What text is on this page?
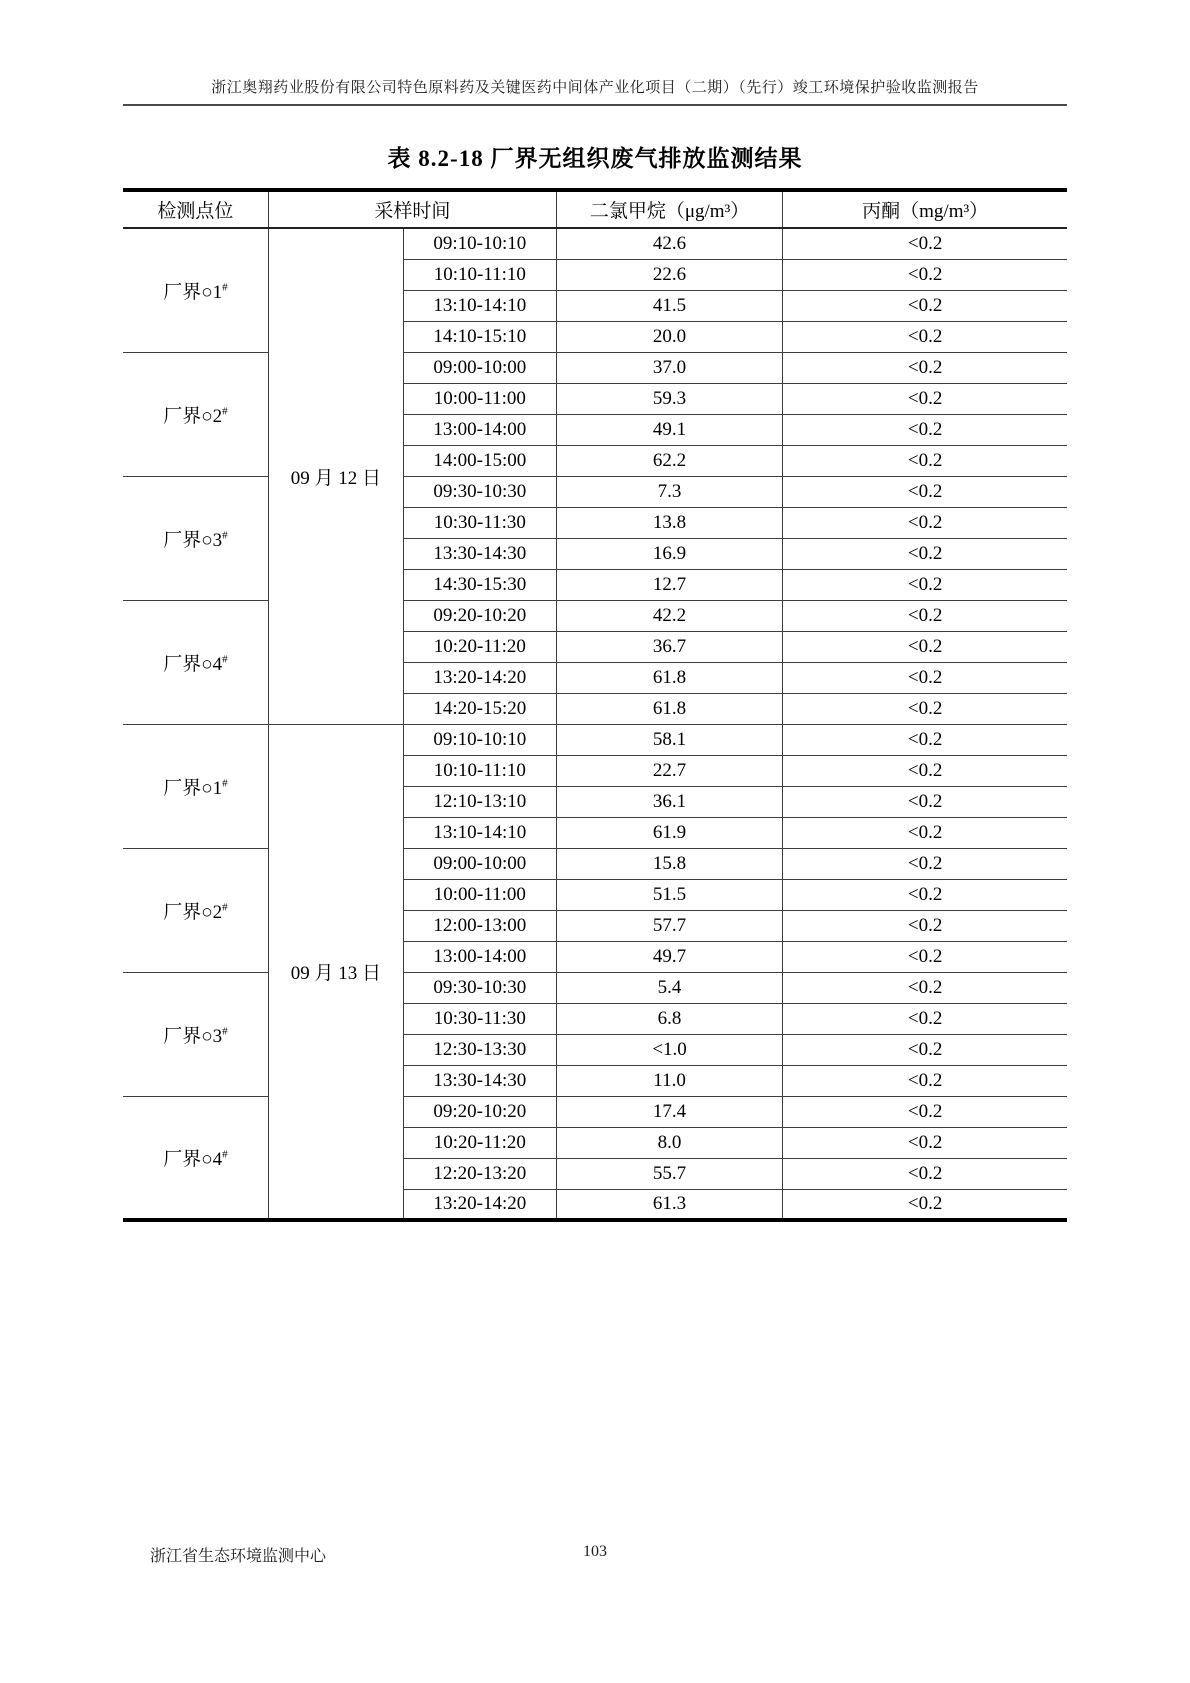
浙江奥翔药业股份有限公司特色原料药及关键医药中间体产业化项目（二期）（先行）竣工环境保护验收监测报告
表 8.2-18 厂界无组织废气排放监测结果
检测点位	采样时间		二氯甲烷（μg/m³）	丙酮（mg/m³）
厂界○1#	09 月 12 日	09:10-10:10	42.6	<0.2
		10:10-11:10	22.6	<0.2
		13:10-14:10	41.5	<0.2
		14:10-15:10	20.0	<0.2
厂界○2#		09:00-10:00	37.0	<0.2
		10:00-11:00	59.3	<0.2
		13:00-14:00	49.1	<0.2
		14:00-15:00	62.2	<0.2
厂界○3#		09:30-10:30	7.3	<0.2
		10:30-11:30	13.8	<0.2
		13:30-14:30	16.9	<0.2
		14:30-15:30	12.7	<0.2
厂界○4#		09:20-10:20	42.2	<0.2
		10:20-11:20	36.7	<0.2
		13:20-14:20	61.8	<0.2
		14:20-15:20	61.8	<0.2
厂界○1#	09 月 13 日	09:10-10:10	58.1	<0.2
		10:10-11:10	22.7	<0.2
		12:10-13:10	36.1	<0.2
		13:10-14:10	61.9	<0.2
厂界○2#		09:00-10:00	15.8	<0.2
		10:00-11:00	51.5	<0.2
		12:00-13:00	57.7	<0.2
		13:00-14:00	49.7	<0.2
厂界○3#		09:30-10:30	5.4	<0.2
		10:30-11:30	6.8	<0.2
		12:30-13:30	<1.0	<0.2
		13:30-14:30	11.0	<0.2
厂界○4#		09:20-10:20	17.4	<0.2
		10:20-11:20	8.0	<0.2
		12:20-13:20	55.7	<0.2
		13:20-14:20	61.3	<0.2
浙江省生态环境监测中心	103
